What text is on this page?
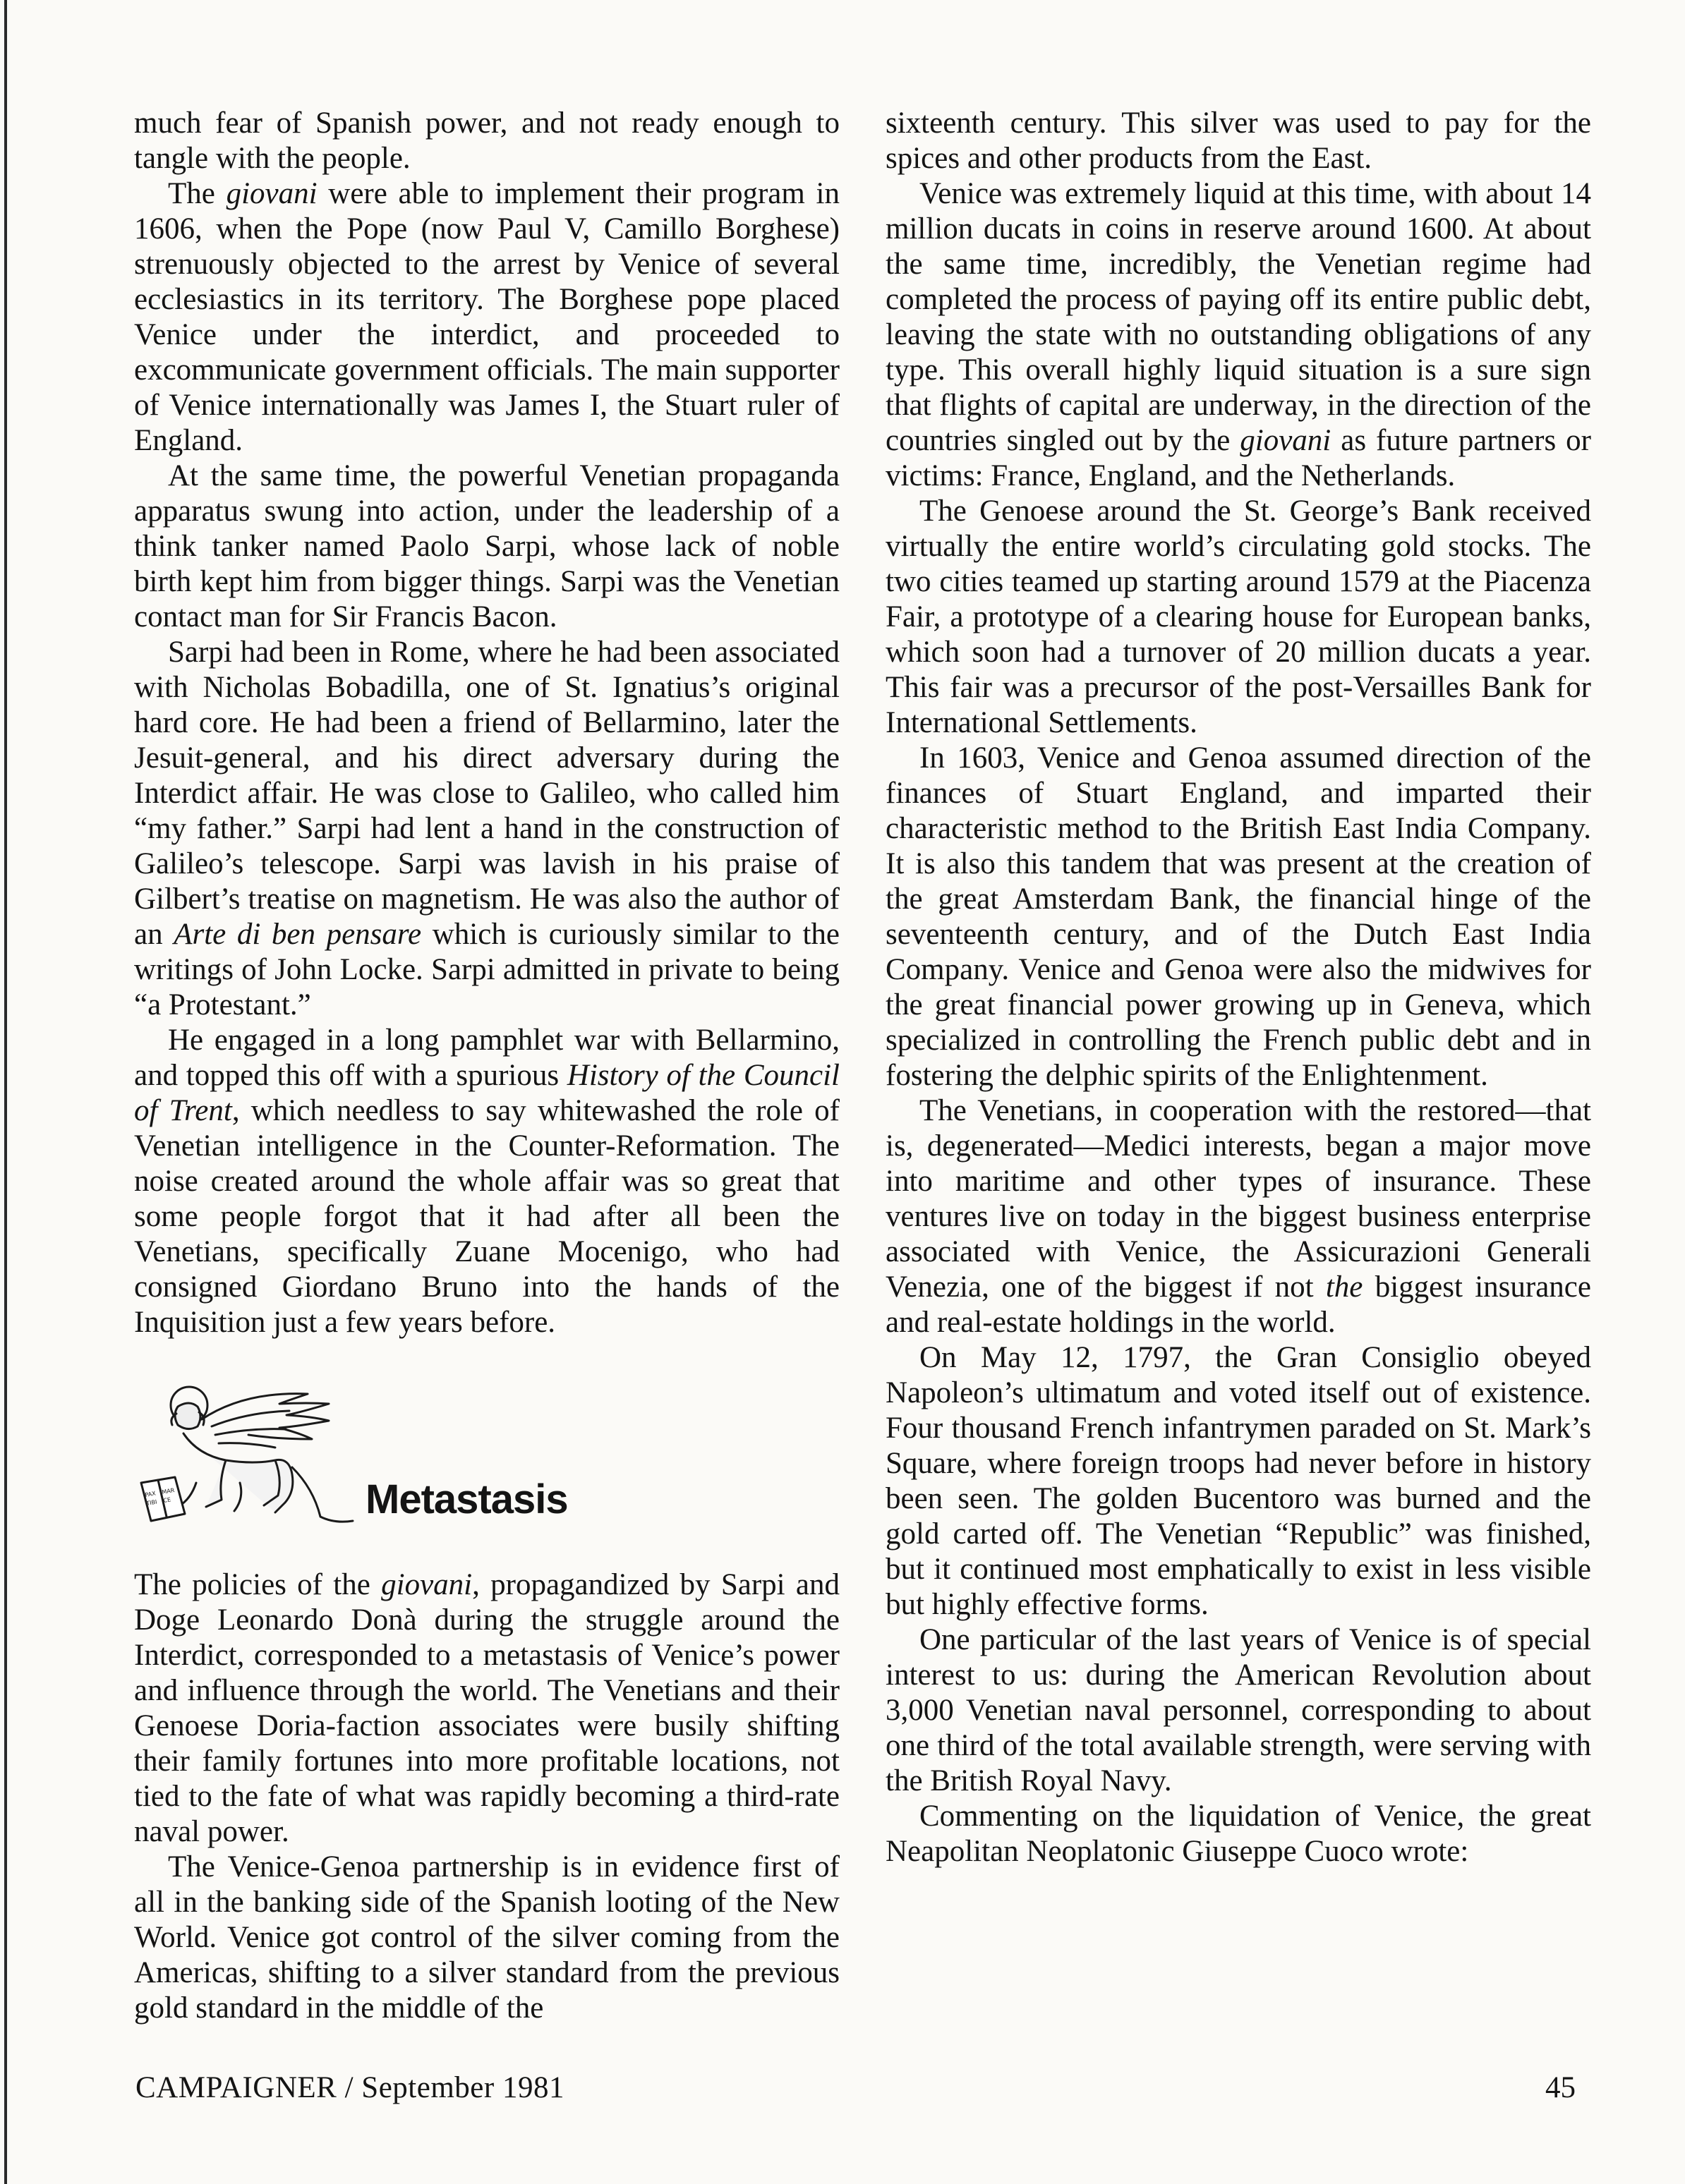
much fear of Spanish power, and not ready enough to tangle with the people.

The giovani were able to implement their program in 1606, when the Pope (now Paul V, Camillo Borghese) strenuously objected to the arrest by Venice of several ecclesiastics in its territory. The Borghese pope placed Venice under the interdict, and proceeded to excommunicate government officials. The main supporter of Venice internationally was James I, the Stuart ruler of England.

At the same time, the powerful Venetian propaganda apparatus swung into action, under the leadership of a think tanker named Paolo Sarpi, whose lack of noble birth kept him from bigger things. Sarpi was the Venetian contact man for Sir Francis Bacon.

Sarpi had been in Rome, where he had been associated with Nicholas Bobadilla, one of St. Ignatius’s original hard core. He had been a friend of Bellarmino, later the Jesuit-general, and his direct adversary during the Interdict affair. He was close to Galileo, who called him “my father.” Sarpi had lent a hand in the construction of Galileo’s telescope. Sarpi was lavish in his praise of Gilbert’s treatise on magnetism. He was also the author of an Arte di ben pensare which is curiously similar to the writings of John Locke. Sarpi admitted in private to being “a Protestant.”

He engaged in a long pamphlet war with Bellarmino, and topped this off with a spurious History of the Council of Trent, which needless to say whitewashed the role of Venetian intelligence in the Counter-Reformation. The noise created around the whole affair was so great that some people forgot that it had after all been the Venetians, specifically Zuane Mocenigo, who had consigned Giordano Bruno into the hands of the Inquisition just a few years before.

PAX
TIBI
MAR
CE	Metastasis

The policies of the giovani, propagandized by Sarpi and Doge Leonardo Donà during the struggle around the Interdict, corresponded to a metastasis of Venice’s power and influence through the world. The Venetians and their Genoese Doria-faction associates were busily shifting their family fortunes into more profitable locations, not tied to the fate of what was rapidly becoming a third-rate naval power.

The Venice-Genoa partnership is in evidence first of all in the banking side of the Spanish looting of the New World. Venice got control of the silver coming from the Americas, shifting to a silver standard from the previous gold standard in the middle of the

sixteenth century. This silver was used to pay for the spices and other products from the East.

Venice was extremely liquid at this time, with about 14 million ducats in coins in reserve around 1600. At about the same time, incredibly, the Venetian regime had completed the process of paying off its entire public debt, leaving the state with no outstanding obligations of any type. This overall highly liquid situation is a sure sign that flights of capital are underway, in the direction of the countries singled out by the giovani as future partners or victims: France, England, and the Netherlands.

The Genoese around the St. George’s Bank received virtually the entire world’s circulating gold stocks. The two cities teamed up starting around 1579 at the Piacenza Fair, a prototype of a clearing house for European banks, which soon had a turnover of 20 million ducats a year. This fair was a precursor of the post-Versailles Bank for International Settlements.

In 1603, Venice and Genoa assumed direction of the finances of Stuart England, and imparted their characteristic method to the British East India Company. It is also this tandem that was present at the creation of the great Amsterdam Bank, the financial hinge of the seventeenth century, and of the Dutch East India Company. Venice and Genoa were also the midwives for the great financial power growing up in Geneva, which specialized in controlling the French public debt and in fostering the delphic spirits of the Enlightenment.

The Venetians, in cooperation with the restored—that is, degenerated—Medici interests, began a major move into maritime and other types of insurance. These ventures live on today in the biggest business enterprise associated with Venice, the Assicurazioni Generali Venezia, one of the biggest if not the biggest insurance and real-estate holdings in the world.

On May 12, 1797, the Gran Consiglio obeyed Napoleon’s ultimatum and voted itself out of existence. Four thousand French infantrymen paraded on St. Mark’s Square, where foreign troops had never before in history been seen. The golden Bucentoro was burned and the gold carted off. The Venetian “Republic” was finished, but it continued most emphatically to exist in less visible but highly effective forms.

One particular of the last years of Venice is of special interest to us: during the American Revolution about 3,000 Venetian naval personnel, corresponding to about one third of the total available strength, were serving with the British Royal Navy.

Commenting on the liquidation of Venice, the great Neapolitan Neoplatonic Giuseppe Cuoco wrote:

CAMPAIGNER / September 1981	45
